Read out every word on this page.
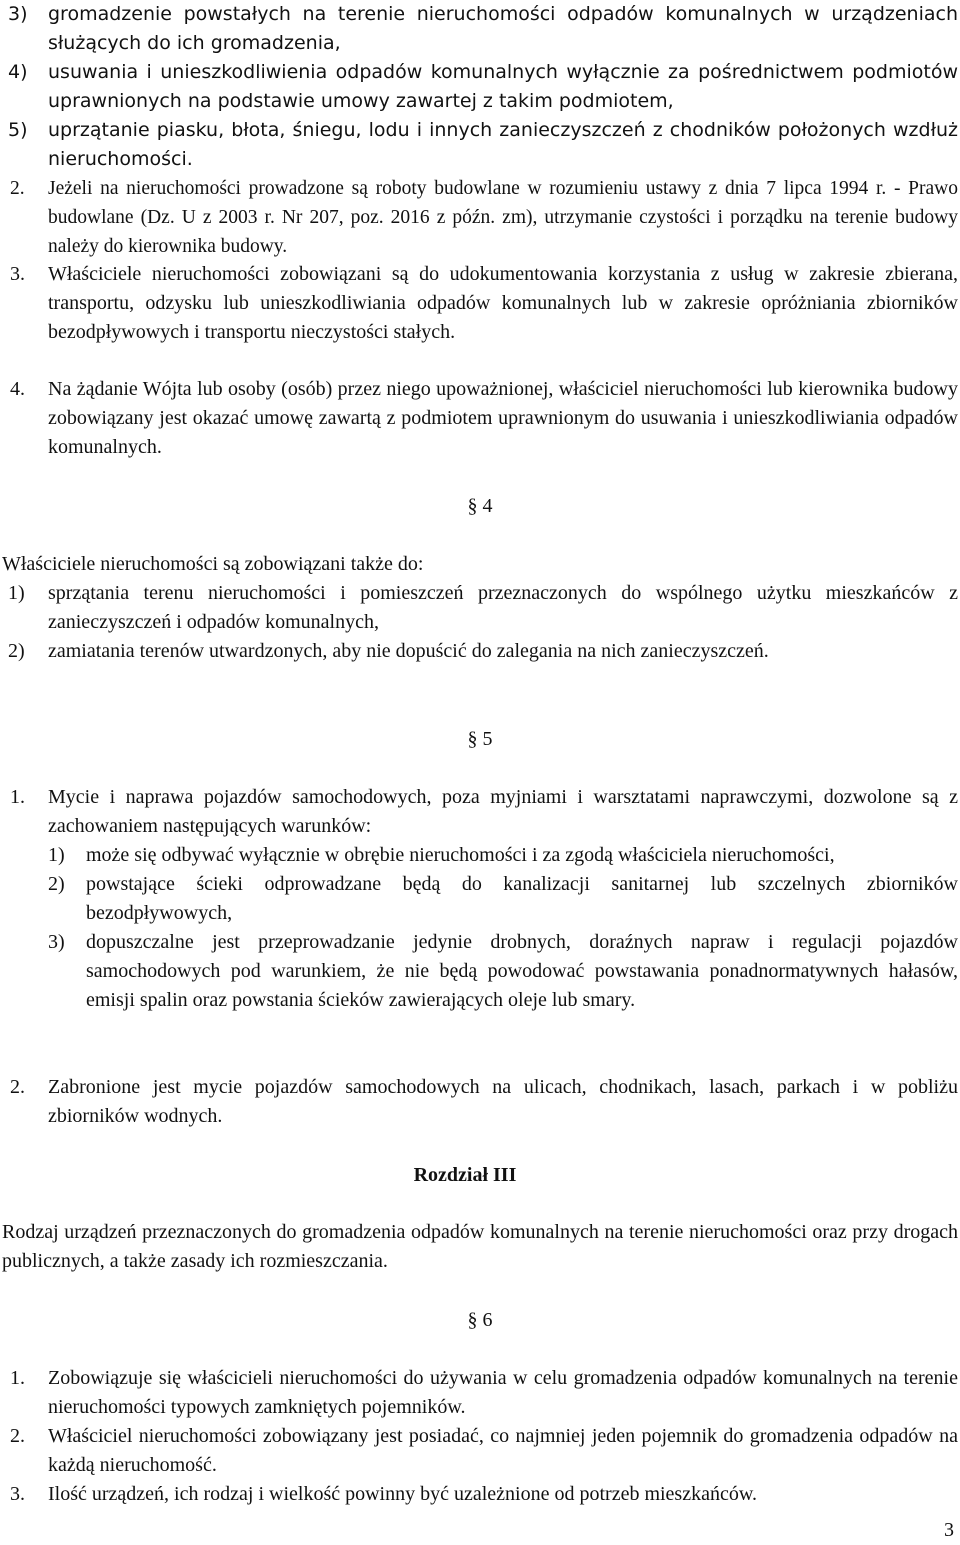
3)	gromadzenie powstałych na terenie nieruchomości odpadów komunalnych w urządzeniach służących do ich gromadzenia,
4)	usuwania i unieszkodliwienia odpadów komunalnych wyłącznie za pośrednictwem podmiotów uprawnionych na podstawie umowy zawartej z takim podmiotem,
5)	uprzątanie piasku, błota, śniegu, lodu i innych zanieczyszczeń z chodników położonych wzdłuż nieruchomości.
2.	Jeżeli na nieruchomości prowadzone są roboty budowlane w rozumieniu ustawy z dnia 7 lipca 1994 r. - Prawo budowlane (Dz. U z 2003 r. Nr 207, poz. 2016 z późn. zm), utrzymanie czystości i porządku na terenie budowy należy do kierownika budowy.
3.	Właściciele nieruchomości zobowiązani są do udokumentowania korzystania z usług w zakresie zbierana, transportu, odzysku lub unieszkodliwiania odpadów komunalnych lub w zakresie opróżniania zbiorników bezodpływowych i transportu nieczystości stałych.
4.	Na żądanie Wójta lub osoby (osób) przez niego upoważnionej, właściciel nieruchomości lub kierownika budowy zobowiązany jest okazać umowę zawartą z podmiotem uprawnionym do usuwania i unieszkodliwiania odpadów komunalnych.
§ 4
Właściciele nieruchomości są zobowiązani także do:
1)	sprzątania terenu nieruchomości i pomieszczeń przeznaczonych do wspólnego użytku mieszkańców z zanieczyszczeń i odpadów komunalnych,
2)	zamiatania terenów utwardzonych, aby nie dopuścić do zalegania na nich zanieczyszczeń.
§ 5
1.	Mycie i naprawa pojazdów samochodowych, poza myjniami i warsztatami naprawczymi, dozwolone są z zachowaniem następujących warunków:
1)	może się odbywać wyłącznie w obrębie nieruchomości i za zgodą właściciela nieruchomości,
2)	powstające ścieki odprowadzane będą do kanalizacji sanitarnej lub szczelnych zbiorników bezodpływowych,
3)	dopuszczalne jest przeprowadzanie jedynie drobnych, doraźnych napraw i regulacji pojazdów samochodowych pod warunkiem, że nie będą powodować powstawania ponadnormatywnych hałasów, emisji spalin oraz powstania ścieków zawierających oleje lub smary.
2.	Zabronione jest mycie pojazdów samochodowych na ulicach, chodnikach, lasach, parkach i w pobliżu zbiorników wodnych.
Rozdział III
Rodzaj urządzeń przeznaczonych do gromadzenia odpadów komunalnych na terenie nieruchomości oraz przy drogach publicznych, a także zasady ich rozmieszczania.
§ 6
1.	Zobowiązuje się właścicieli nieruchomości do używania w celu gromadzenia odpadów komunalnych na terenie nieruchomości typowych zamkniętych pojemników.
2.	Właściciel nieruchomości zobowiązany jest posiadać, co najmniej jeden pojemnik do gromadzenia odpadów na każdą nieruchomość.
3.	Ilość urządzeń, ich rodzaj i wielkość powinny być uzależnione od potrzeb mieszkańców.
3
